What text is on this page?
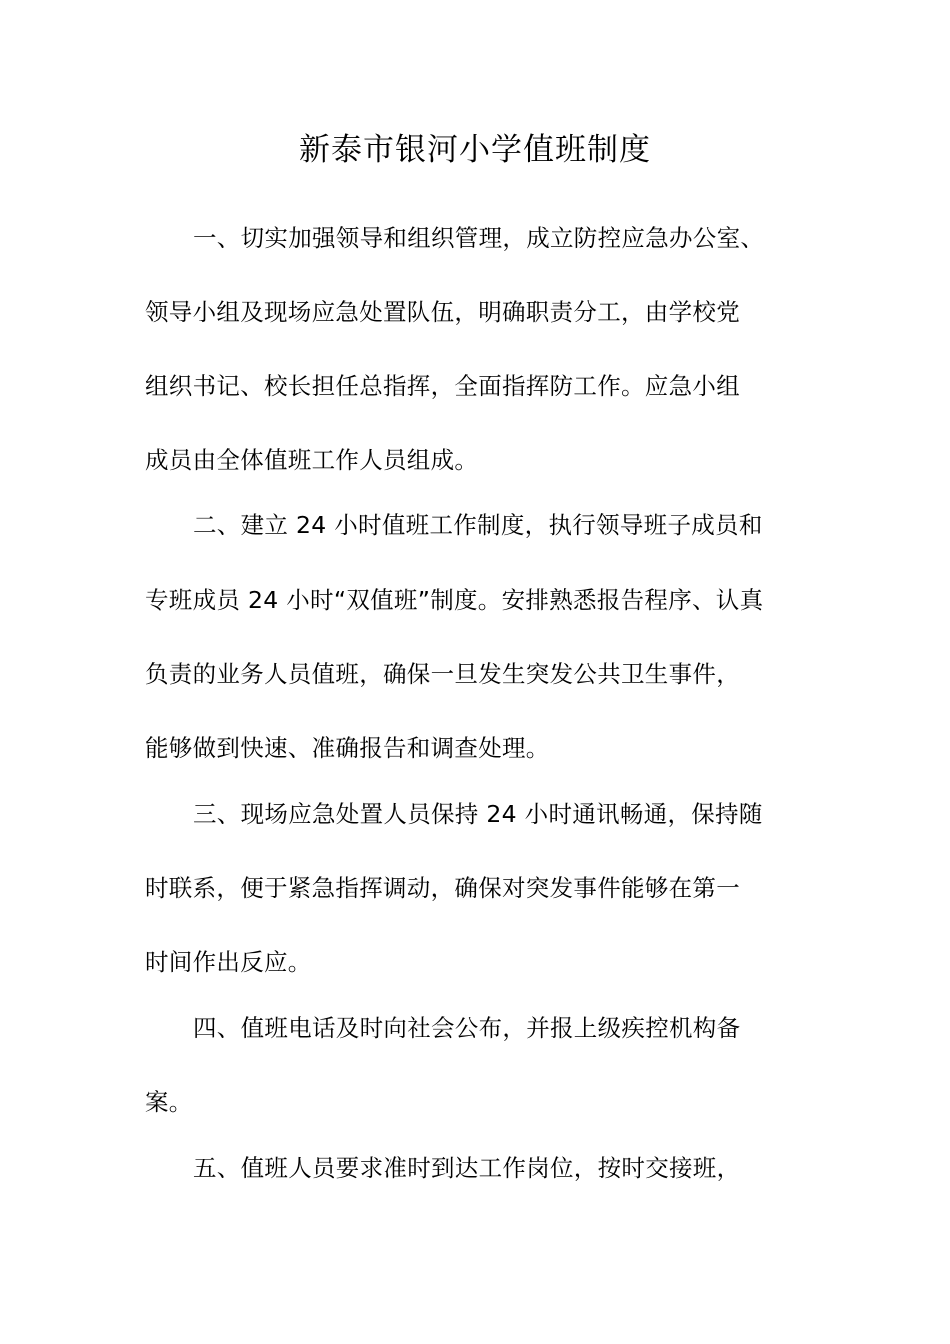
新泰市银河小学值班制度
一、切实加强领导和组织管理，成立防控应急办公室、
领导小组及现场应急处置队伍，明确职责分工，由学校党
组织书记、校长担任总指挥，全面指挥防工作。应急小组
成员由全体值班工作人员组成。
二、建立 24 小时值班工作制度，执行领导班子成员和
专班成员 24 小时“双值班”制度。安排熟悉报告程序、认真
负责的业务人员值班，确保一旦发生突发公共卫生事件，
能够做到快速、准确报告和调查处理。
三、现场应急处置人员保持 24 小时通讯畅通，保持随
时联系，便于紧急指挥调动，确保对突发事件能够在第一
时间作出反应。
四、值班电话及时向社会公布，并报上级疾控机构备
案。
五、值班人员要求准时到达工作岗位，按时交接班，
